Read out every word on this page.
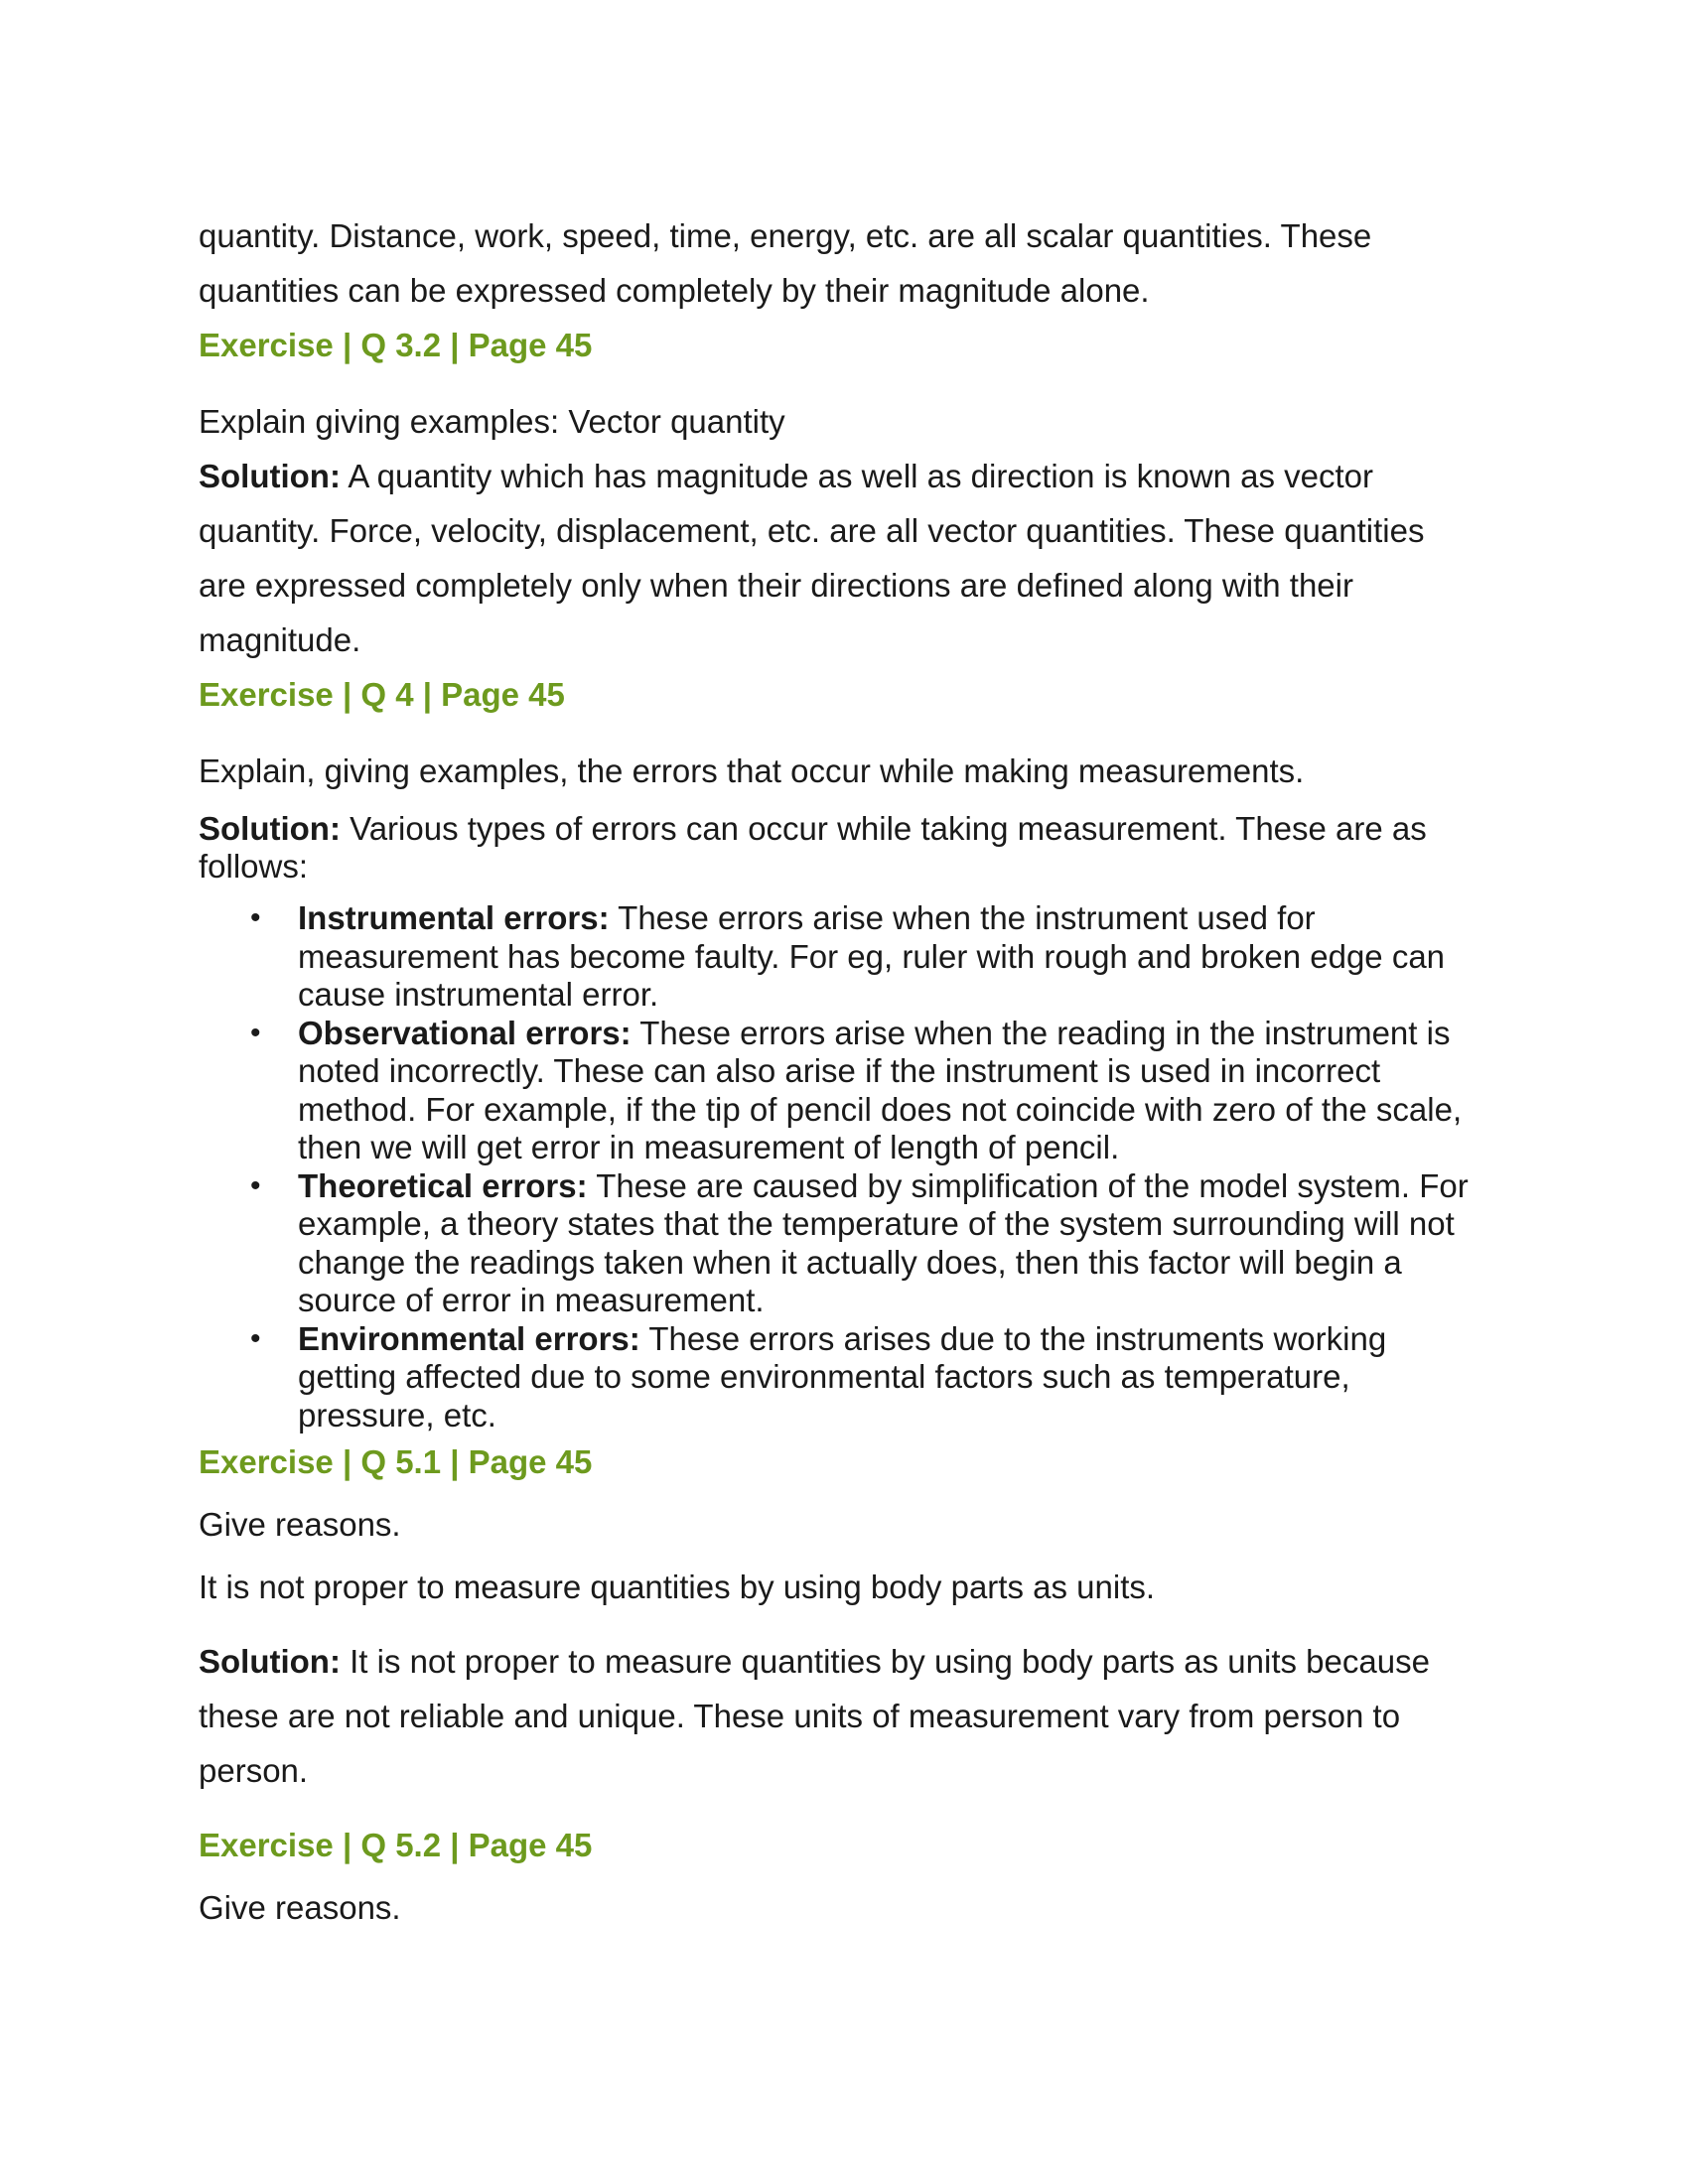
quantity. Distance, work, speed, time, energy, etc. are all scalar quantities. These
quantities can be expressed completely by their magnitude alone.
Exercise | Q 3.2 | Page 45
Explain giving examples: Vector quantity
Solution: A quantity which has magnitude as well as direction is known as vector
quantity. Force, velocity, displacement, etc. are all vector quantities. These quantities
are expressed completely only when their directions are defined along with their
magnitude.
Exercise | Q 4 | Page 45
Explain, giving examples, the errors that occur while making measurements.
Solution: Various types of errors can occur while taking measurement. These are as
follows:
• Instrumental errors: These errors arise when the instrument used for
measurement has become faulty. For eg, ruler with rough and broken edge can
cause instrumental error.
• Observational errors: These errors arise when the reading in the instrument is
noted incorrectly. These can also arise if the instrument is used in incorrect
method. For example, if the tip of pencil does not coincide with zero of the scale,
then we will get error in measurement of length of pencil.
• Theoretical errors: These are caused by simplification of the model system. For
example, a theory states that the temperature of the system surrounding will not
change the readings taken when it actually does, then this factor will begin a
source of error in measurement.
• Environmental errors: These errors arises due to the instruments working
getting affected due to some environmental factors such as temperature,
pressure, etc.
Exercise | Q 5.1 | Page 45
Give reasons.
It is not proper to measure quantities by using body parts as units.
Solution: It is not proper to measure quantities by using body parts as units because
these are not reliable and unique. These units of measurement vary from person to
person.
Exercise | Q 5.2 | Page 45
Give reasons.
